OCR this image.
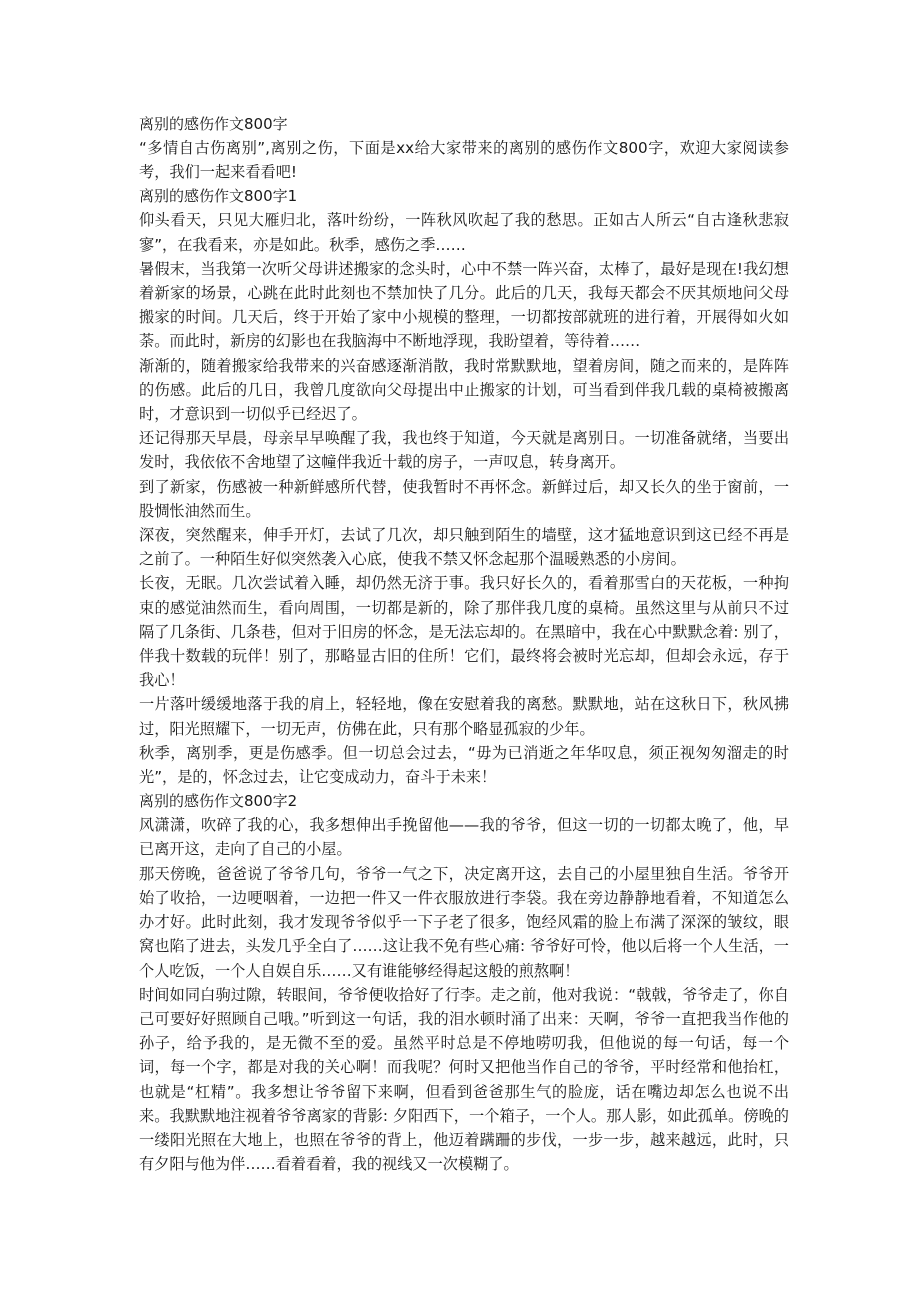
离别的感伤作文800字

“多情自古伤离别”,离别之伤，下面是xx给大家带来的离别的感伤作文800字，欢迎大家阅读参考，我们一起来看看吧!

离别的感伤作文800字1

仰头看天，只见大雁归北，落叶纷纷，一阵秋风吹起了我的愁思。正如古人所云“自古逢秋悲寂寥”，在我看来，亦是如此。秋季，感伤之季……

暑假末，当我第一次听父母讲述搬家的念头时，心中不禁一阵兴奋，太棒了，最好是现在!我幻想着新家的场景，心跳在此时此刻也不禁加快了几分。此后的几天，我每天都会不厌其烦地问父母搬家的时间。几天后，终于开始了家中小规模的整理，一切都按部就班的进行着，开展得如火如荼。而此时，新房的幻影也在我脑海中不断地浮现，我盼望着，等待着……

渐渐的，随着搬家给我带来的兴奋感逐渐消散，我时常默默地，望着房间，随之而来的，是阵阵的伤感。此后的几日，我曾几度欲向父母提出中止搬家的计划，可当看到伴我几载的桌椅被搬离时，才意识到一切似乎已经迟了。

还记得那天早晨，母亲早早唤醒了我，我也终于知道，今天就是离别日。一切准备就绪，当要出发时，我依依不舍地望了这幢伴我近十载的房子，一声叹息，转身离开。

到了新家，伤感被一种新鲜感所代替，使我暂时不再怀念。新鲜过后，却又长久的坐于窗前，一股惆怅油然而生。

深夜，突然醒来，伸手开灯，去试了几次，却只触到陌生的墙壁，这才猛地意识到这已经不再是之前了。一种陌生好似突然袭入心底，使我不禁又怀念起那个温暖熟悉的小房间。

长夜，无眠。几次尝试着入睡，却仍然无济于事。我只好长久的，看着那雪白的天花板，一种拘束的感觉油然而生，看向周围，一切都是新的，除了那伴我几度的桌椅。虽然这里与从前只不过隔了几条街、几条巷，但对于旧房的怀念，是无法忘却的。在黑暗中，我在心中默默念着: 别了，伴我十数载的玩伴！别了，那略显古旧的住所！它们，最终将会被时光忘却，但却会永远，存于我心！

一片落叶缓缓地落于我的肩上，轻轻地，像在安慰着我的离愁。默默地，站在这秋日下，秋风拂过，阳光照耀下，一切无声，仿佛在此，只有那个略显孤寂的少年。

秋季，离别季，更是伤感季。但一切总会过去，“毋为已消逝之年华叹息，须正视匆匆溜走的时光”，是的，怀念过去，让它变成动力，奋斗于未来！

离别的感伤作文800字2

风潇潇，吹碎了我的心，我多想伸出手挽留他——我的爷爷，但这一切的一切都太晚了，他，早已离开这，走向了自己的小屋。

那天傍晚，爸爸说了爷爷几句，爷爷一气之下，决定离开这，去自己的小屋里独自生活。爷爷开始了收拾，一边哽咽着，一边把一件又一件衣服放进行李袋。我在旁边静静地看着，不知道怎么办才好。此时此刻，我才发现爷爷似乎一下子老了很多，饱经风霜的脸上布满了深深的皱纹，眼窝也陷了进去，头发几乎全白了……这让我不免有些心痛: 爷爷好可怜，他以后将一个人生活，一个人吃饭，一个人自娱自乐……又有谁能够经得起这般的煎熬啊！

时间如同白驹过隙，转眼间，爷爷便收拾好了行李。走之前，他对我说：“戟戟，爷爷走了，你自己可要好好照顾自己哦。”听到这一句话，我的泪水顿时涌了出来：天啊，爷爷一直把我当作他的孙子，给予我的，是无微不至的爱。虽然平时总是不停地唠叨我，但他说的每一句话，每一个词，每一个字，都是对我的关心啊！而我呢？何时又把他当作自己的爷爷，平时经常和他抬杠，也就是“杠精”。我多想让爷爷留下来啊，但看到爸爸那生气的脸庞，话在嘴边却怎么也说不出来。我默默地注视着爷爷离家的背影: 夕阳西下，一个箱子，一个人。那人影，如此孤单。傍晚的一缕阳光照在大地上，也照在爷爷的背上，他迈着蹒跚的步伐，一步一步，越来越远，此时，只有夕阳与他为伴……看着看着，我的视线又一次模糊了。
